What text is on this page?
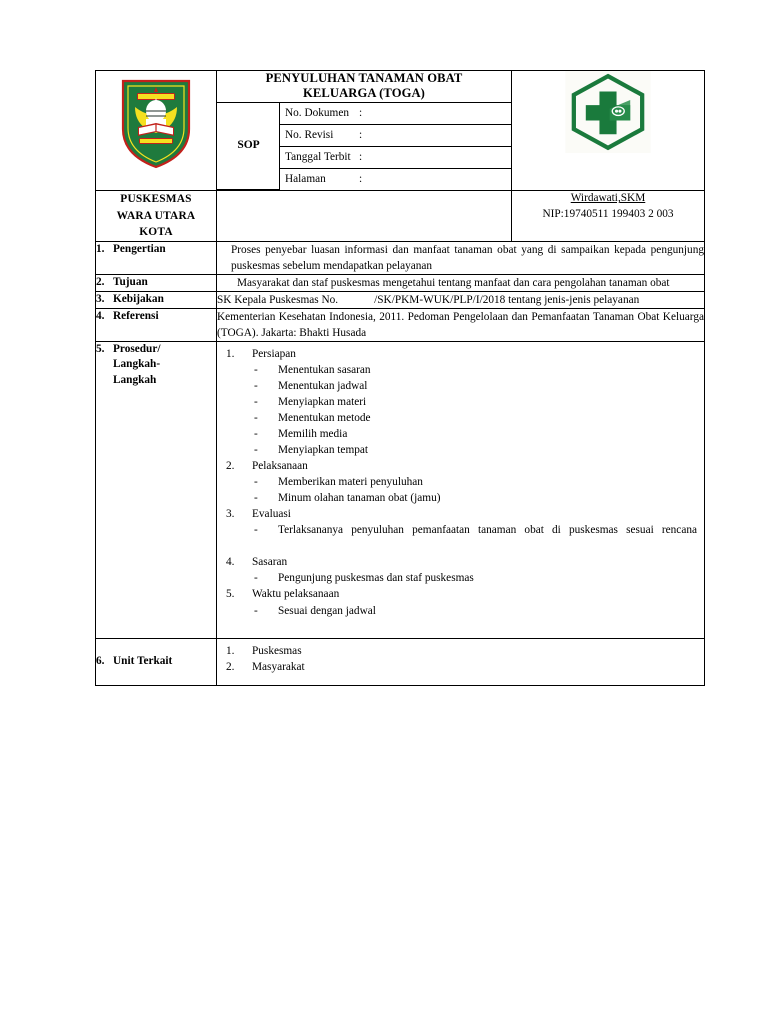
PENYULUHAN TANAMAN OBAT
KELUARGA (TOGA)

SOP	No. Dokumen :
No. Revisi :
Tanggal Terbit :
Halaman	:

PUSKESMAS
WARA UTARA
KOTA
		Wirdawati,SKM
NIP:19740511 199403 2 003

1. Pengertian	Proses penyebar luasan informasi dan manfaat tanaman obat yang di sampaikan kepada pengunjung puskesmas sebelum mendapatkan pelayanan
2. Tujuan	Masyarakat dan staf puskesmas mengetahui tentang manfaat dan cara pengolahan tanaman obat
3. Kebijakan	SK Kepala Puskesmas No.	/SK/PKM-WUK/PLP/I/2018 tentang jenis-jenis pelayanan
4. Referensi	Kementerian Kesehatan Indonesia, 2011. Pedoman Pengelolaan dan Pemanfaatan Tanaman Obat Keluarga (TOGA). Jakarta: Bhakti Husada
5. Prosedur/
Langkah-
Langkah	
1.	Persiapan
-	Menentukan sasaran
-	Menentukan jadwal
-	Menyiapkan materi
-	Menentukan metode
-	Memilih media
-	Menyiapkan tempat
2.	Pelaksanaan
-	Memberikan materi penyuluhan
-	Minum olahan tanaman obat (jamu)
3.	Evaluasi
-	Terlaksananya penyuluhan pemanfaatan tanaman obat di puskesmas sesuai rencana
4.	Sasaran
-	Pengunjung puskesmas dan staf puskesmas
5.	Waktu pelaksanaan
-	Sesuai dengan jadwal

6. Unit Terkait	
1.	Puskesmas
2.	Masyarakat
